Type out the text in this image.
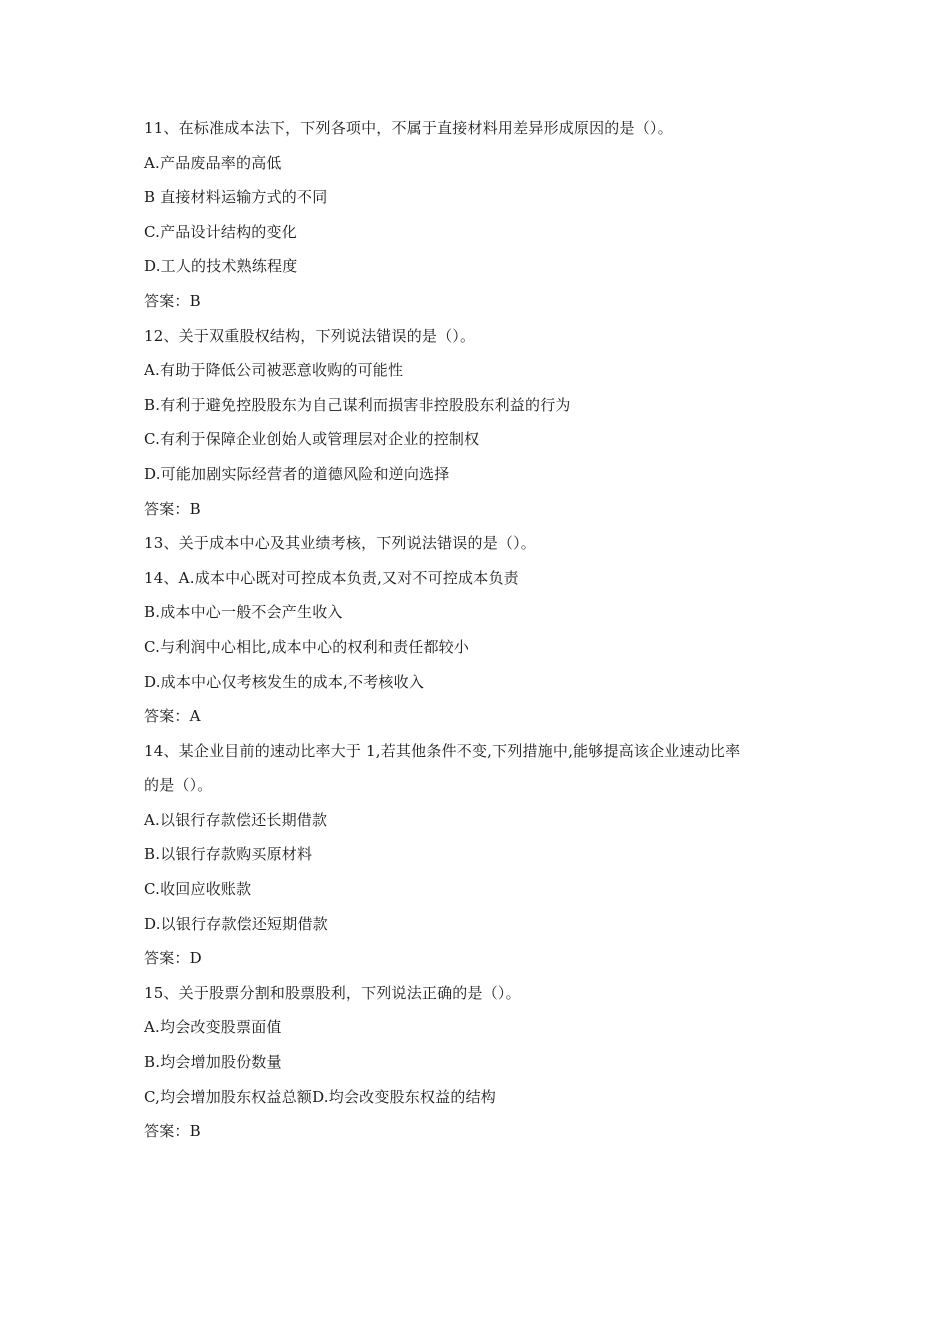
11、在标准成本法下，下列各项中，不属于直接材料用差异形成原因的是（）。
A.产品废品率的高低
B 直接材料运输方式的不同
C.产品设计结构的变化
D.工人的技术熟练程度
答案：B
12、关于双重股权结构，下列说法错误的是（）。
A.有助于降低公司被恶意收购的可能性
B.有利于避免控股股东为自己谋利而损害非控股股东利益的行为
C.有利于保障企业创始人或管理层对企业的控制权
D.可能加剧实际经营者的道德风险和逆向选择
答案：B
13、关于成本中心及其业绩考核，下列说法错误的是（）。
14、A.成本中心既对可控成本负责,又对不可控成本负责
B.成本中心一般不会产生收入
C.与利润中心相比,成本中心的权利和责任都较小
D.成本中心仅考核发生的成本,不考核收入
答案：A
14、某企业目前的速动比率大于 1,若其他条件不变,下列措施中,能够提高该企业速动比率
的是（）。
A.以银行存款偿还长期借款
B.以银行存款购买原材料
C.收回应收账款
D.以银行存款偿还短期借款
答案：D
15、关于股票分割和股票股利，下列说法正确的是（）。
A.均会改变股票面值
B.均会增加股份数量
C,均会增加股东权益总额D.均会改变股东权益的结构
答案：B
